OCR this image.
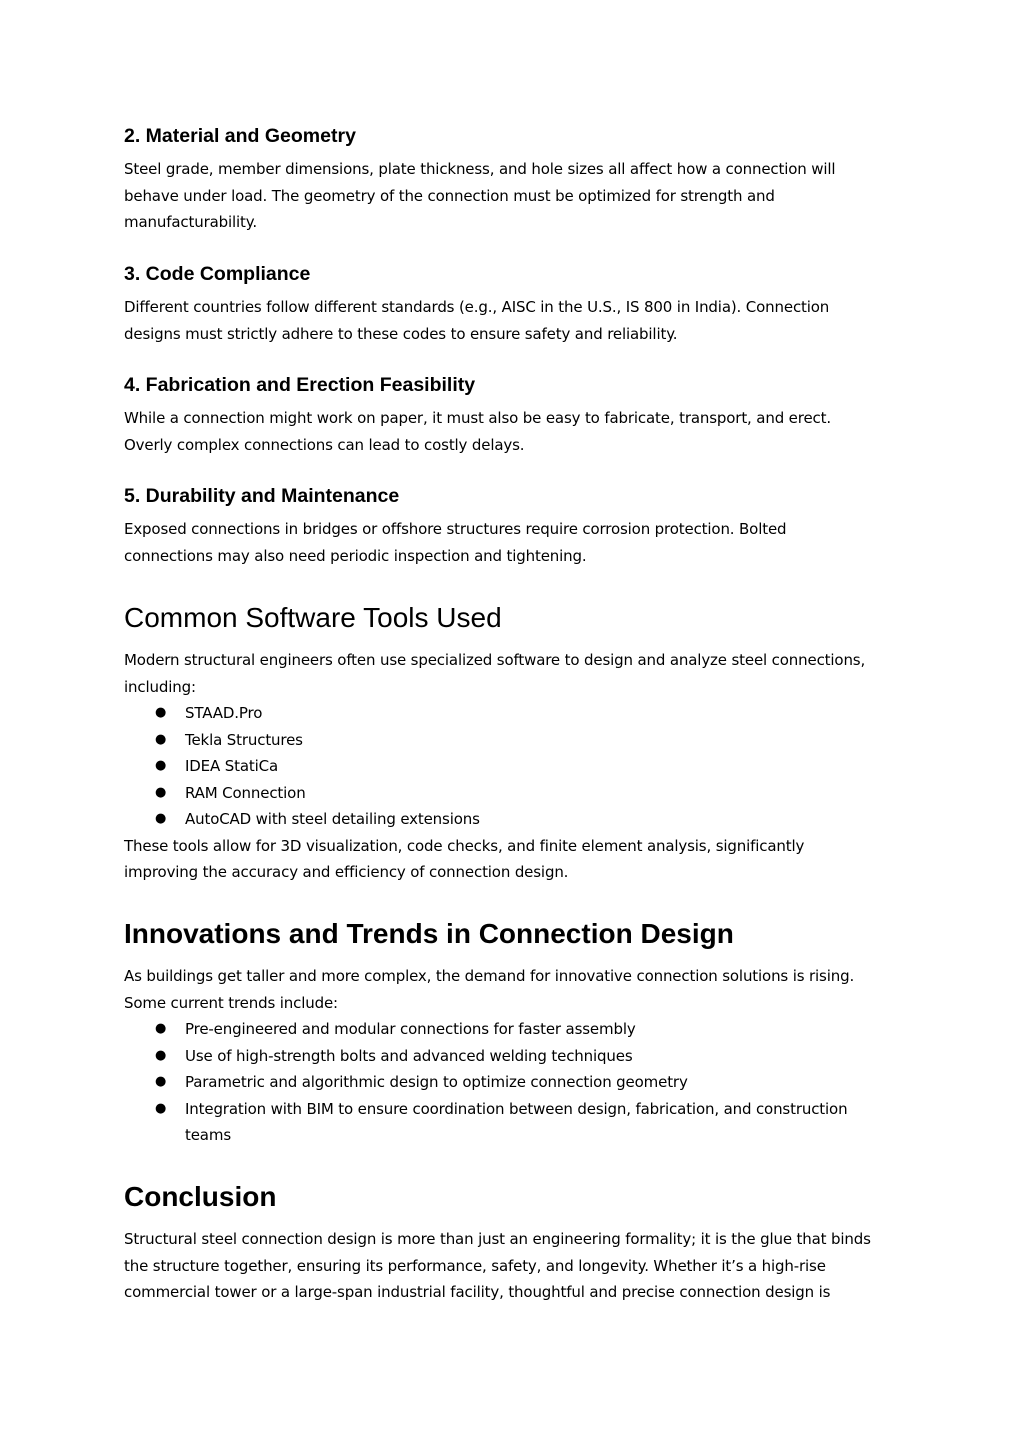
2. Material and Geometry

Steel grade, member dimensions, plate thickness, and hole sizes all affect how a connection will

behave under load. The geometry of the connection must be optimized for strength and

manufacturability.

3. Code Compliance

Different countries follow different standards (e.g., AISC in the U.S., IS 800 in India). Connection

designs must strictly adhere to these codes to ensure safety and reliability.

4. Fabrication and Erection Feasibility

While a connection might work on paper, it must also be easy to fabricate, transport, and erect.

Overly complex connections can lead to costly delays.

5. Durability and Maintenance

Exposed connections in bridges or offshore structures require corrosion protection. Bolted

connections may also need periodic inspection and tightening.

Common Software Tools Used

Modern structural engineers often use specialized software to design and analyze steel connections,

including:

● STAAD.Pro
● Tekla Structures
● IDEA StatiCa
● RAM Connection
● AutoCAD with steel detailing extensions

These tools allow for 3D visualization, code checks, and finite element analysis, significantly

improving the accuracy and efficiency of connection design.

Innovations and Trends in Connection Design

As buildings get taller and more complex, the demand for innovative connection solutions is rising.

Some current trends include:

● Pre-engineered and modular connections for faster assembly
● Use of high-strength bolts and advanced welding techniques
● Parametric and algorithmic design to optimize connection geometry
● Integration with BIM to ensure coordination between design, fabrication, and construction
teams
Conclusion

Structural steel connection design is more than just an engineering formality; it is the glue that binds

the structure together, ensuring its performance, safety, and longevity. Whether it’s a high-rise

commercial tower or a large-span industrial facility, thoughtful and precise connection design is
